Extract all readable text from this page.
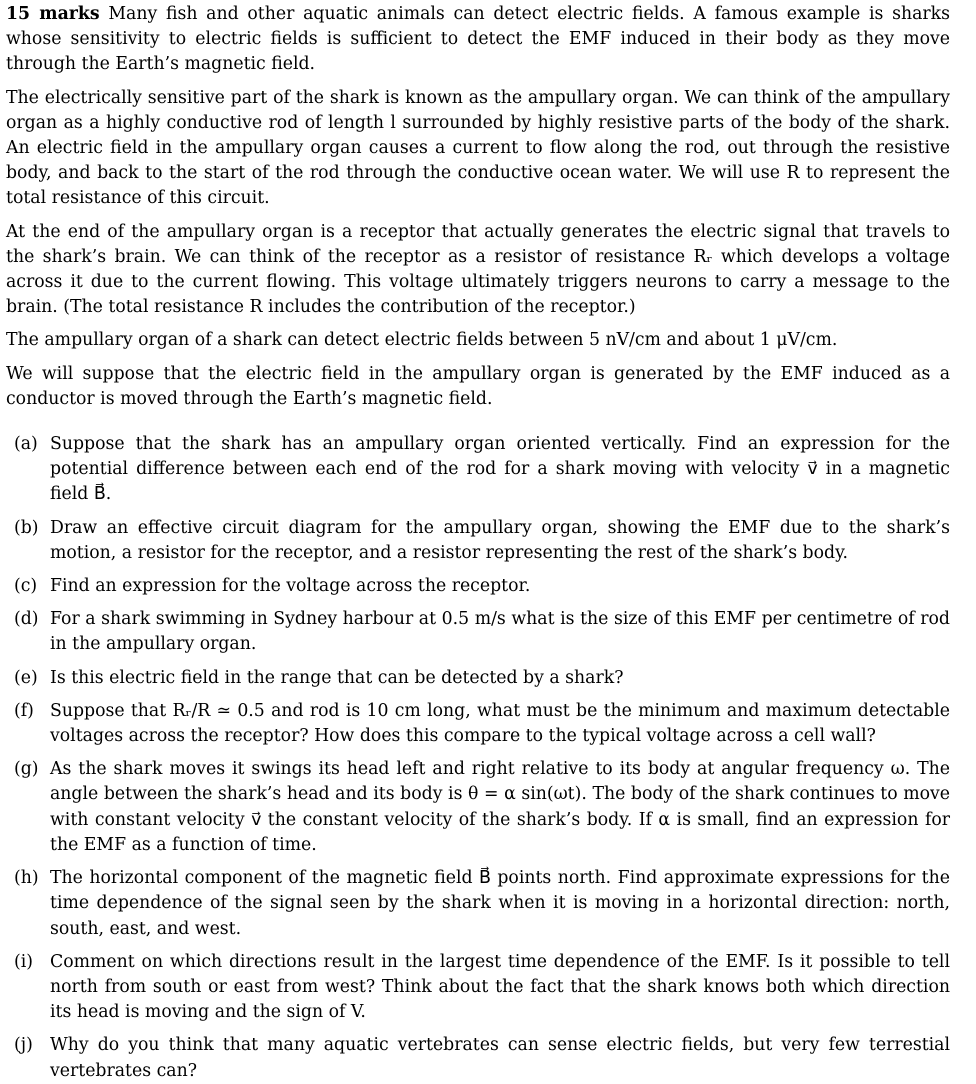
15 marks Many fish and other aquatic animals can detect electric fields. A famous example is sharks whose sensitivity to electric fields is sufficient to detect the EMF induced in their body as they move through the Earth’s magnetic field.

The electrically sensitive part of the shark is known as the ampullary organ. We can think of the ampullary organ as a highly conductive rod of length l surrounded by highly resistive parts of the body of the shark. An electric field in the ampullary organ causes a current to flow along the rod, out through the resistive body, and back to the start of the rod through the conductive ocean water. We will use R to represent the total resistance of this circuit.

At the end of the ampullary organ is a receptor that actually generates the electric signal that travels to the shark’s brain. We can think of the receptor as a resistor of resistance Rᵣ which develops a voltage across it due to the current flowing. This voltage ultimately triggers neurons to carry a message to the brain. (The total resistance R includes the contribution of the receptor.)

The ampullary organ of a shark can detect electric fields between 5 nV/cm and about 1 μV/cm.

We will suppose that the electric field in the ampullary organ is generated by the EMF induced as a conductor is moved through the Earth’s magnetic field.

(a) Suppose that the shark has an ampullary organ oriented vertically. Find an expression for the potential difference between each end of the rod for a shark moving with velocity v⃗ in a magnetic field B⃗.
(b) Draw an effective circuit diagram for the ampullary organ, showing the EMF due to the shark’s motion, a resistor for the receptor, and a resistor representing the rest of the shark’s body.
(c) Find an expression for the voltage across the receptor.
(d) For a shark swimming in Sydney harbour at 0.5 m/s what is the size of this EMF per centimetre of rod in the ampullary organ.
(e) Is this electric field in the range that can be detected by a shark?
(f) Suppose that Rᵣ/R ≃ 0.5 and rod is 10 cm long, what must be the minimum and maximum detectable voltages across the receptor? How does this compare to the typical voltage across a cell wall?
(g) As the shark moves it swings its head left and right relative to its body at angular frequency ω. The angle between the shark’s head and its body is θ = α sin(ωt). The body of the shark continues to move with constant velocity v⃗ the constant velocity of the shark’s body. If α is small, find an expression for the EMF as a function of time.
(h) The horizontal component of the magnetic field B⃗ points north. Find approximate expressions for the time dependence of the signal seen by the shark when it is moving in a horizontal direction: north, south, east, and west.
(i) Comment on which directions result in the largest time dependence of the EMF. Is it possible to tell north from south or east from west? Think about the fact that the shark knows both which direction its head is moving and the sign of V.
(j) Why do you think that many aquatic vertebrates can sense electric fields, but very few terrestial vertebrates can?
